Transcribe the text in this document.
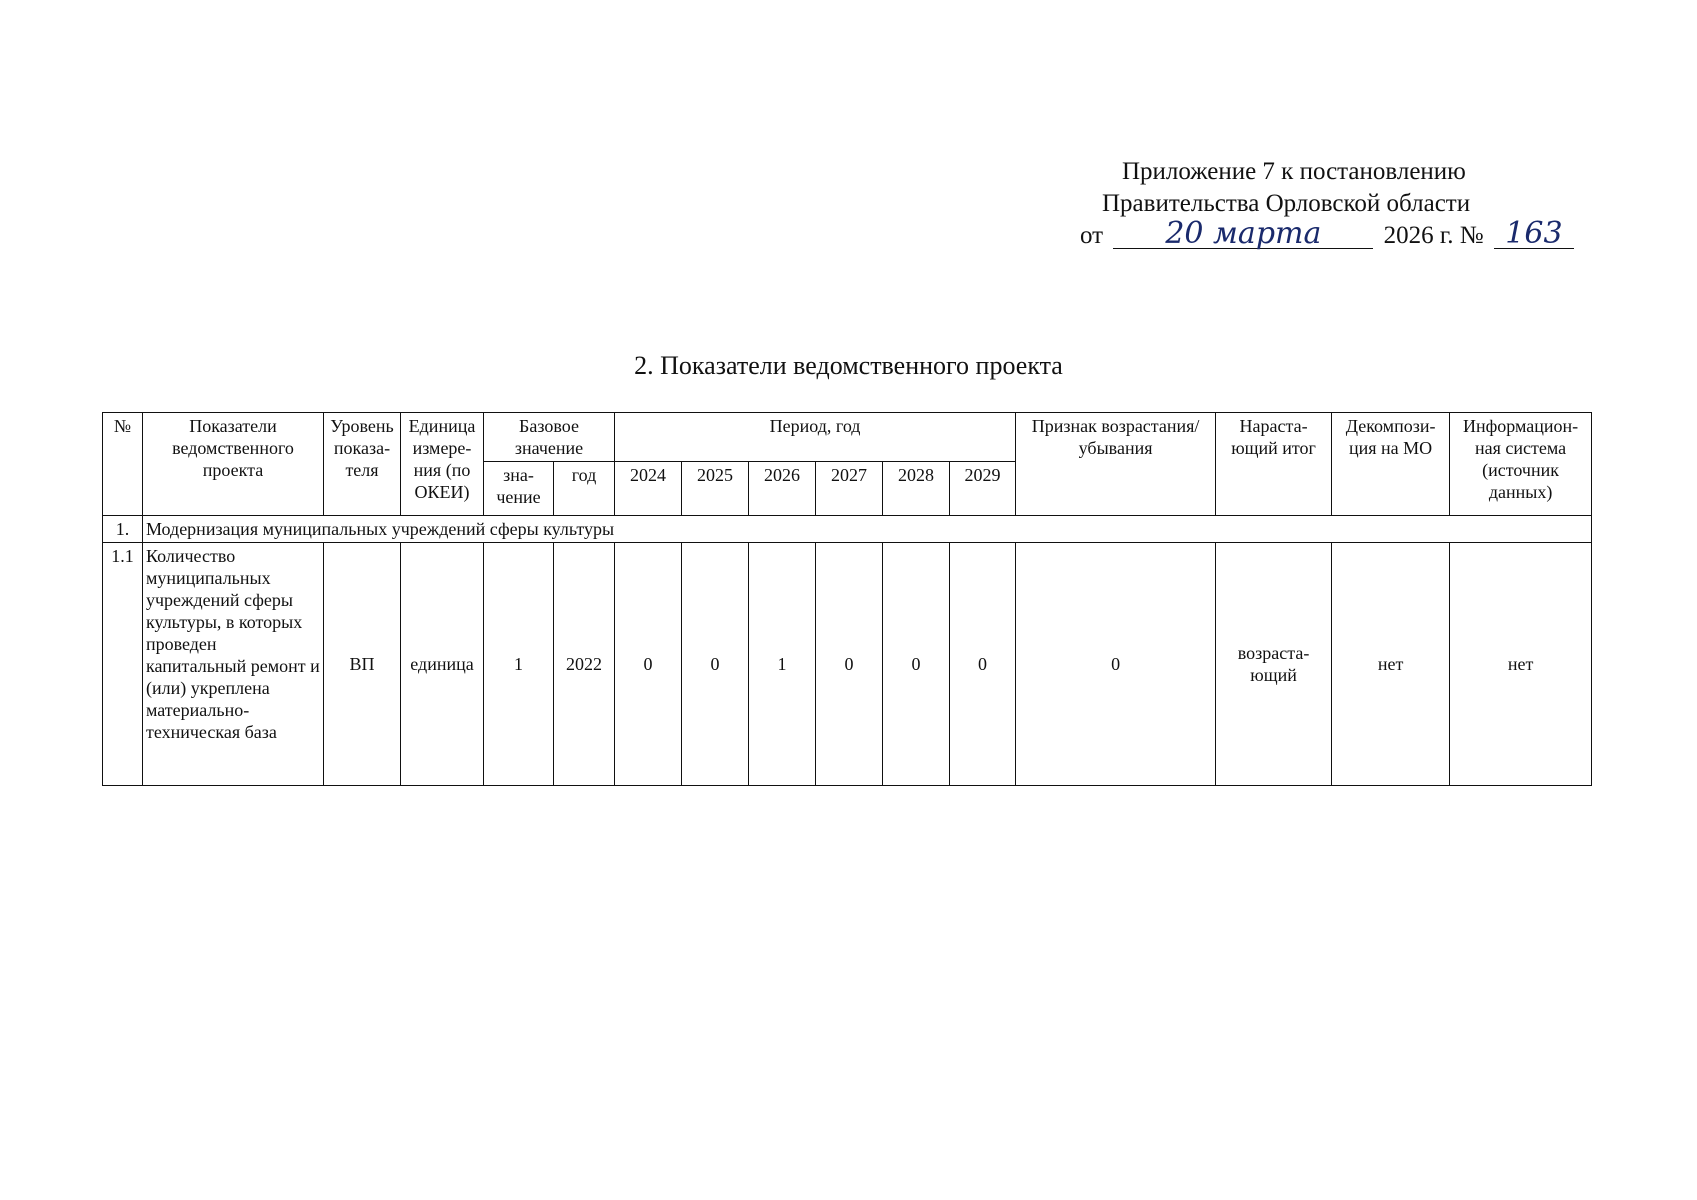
Приложение 7 к постановлению
Правительства Орловской области
от 20 марта 2026 г. № 163
2. Показатели ведомственного проекта
№	Показатели ведомственного проекта	Уровень показа-теля	Единица измере-ния (по ОКЕИ)	Базовое значение		Период, год						Признак возрастания/убывания	Нараста-ющий итог	Декомпози-ция на МО	Информацион-ная система (источник данных)
				зна-чение	год	2024	2025	2026	2027	2028	2029				
1.	Модернизация муниципальных учреждений сферы культуры														
1.1	Количество муниципальных учреждений сферы культуры, в которых проведен капитальный ремонт и (или) укреплена материально-техническая база	ВП	единица	1	2022	0	0	1	0	0	0	0	возраста-ющий	нет	нет
